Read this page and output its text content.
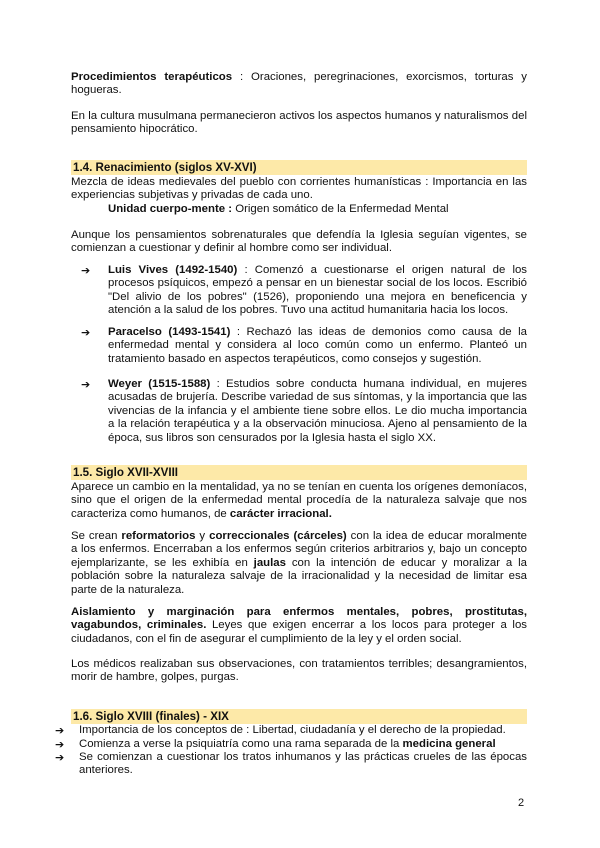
Procedimientos terapéuticos : Oraciones, peregrinaciones, exorcismos, torturas y hogueras.

En la cultura musulmana permanecieron activos los aspectos humanos y naturalismos del pensamiento hipocrático.

1.4. Renacimiento (siglos XV-XVI)

Mezcla de ideas medievales del pueblo con corrientes humanísticas : Importancia en las experiencias subjetivas y privadas de cada uno.

Unidad cuerpo-mente : Origen somático de la Enfermedad Mental

Aunque los pensamientos sobrenaturales que defendía la Iglesia seguían vigentes, se comienzan a cuestionar y definir al hombre como ser individual.

➔ Luis Vives (1492-1540) : Comenzó a cuestionarse el origen natural de los procesos psíquicos, empezó a pensar en un bienestar social de los locos. Escribió "Del alivio de los pobres" (1526), proponiendo una mejora en beneficencia y atención a la salud de los pobres. Tuvo una actitud humanitaria hacia los locos.
➔ Paracelso (1493-1541) : Rechazó las ideas de demonios como causa de la enfermedad mental y considera al loco común como un enfermo. Planteó un tratamiento basado en aspectos terapéuticos, como consejos y sugestión.
➔ Weyer (1515-1588) : Estudios sobre conducta humana individual, en mujeres acusadas de brujería. Describe variedad de sus síntomas, y la importancia que las vivencias de la infancia y el ambiente tiene sobre ellos. Le dio mucha importancia a la relación terapéutica y a la observación minuciosa. Ajeno al pensamiento de la época, sus libros son censurados por la Iglesia hasta el siglo XX.
1.5. Siglo XVII-XVIII

Aparece un cambio en la mentalidad, ya no se tenían en cuenta los orígenes demoníacos, sino que el origen de la enfermedad mental procedía de la naturaleza salvaje que nos caracteriza como humanos, de carácter irracional.

Se crean reformatorios y correccionales (cárceles) con la idea de educar moralmente a los enfermos. Encerraban a los enfermos según criterios arbitrarios y, bajo un concepto ejemplarizante, se les exhibía en jaulas con la intención de educar y moralizar a la población sobre la naturaleza salvaje de la irracionalidad y la necesidad de limitar esa parte de la naturaleza.

Aislamiento y marginación para enfermos mentales, pobres, prostitutas, vagabundos, criminales. Leyes que exigen encerrar a los locos para proteger a los ciudadanos, con el fin de asegurar el cumplimiento de la ley y el orden social.

Los médicos realizaban sus observaciones, con tratamientos terribles; desangramientos, morir de hambre, golpes, purgas.

1.6. Siglo XVIII (finales) - XIX
➔ Importancia de los conceptos de : Libertad, ciudadanía y el derecho de la propiedad.
➔ Comienza a verse la psiquiatría como una rama separada de la medicina general
➔ Se comienzan a cuestionar los tratos inhumanos y las prácticas crueles de las épocas anteriores.
2
